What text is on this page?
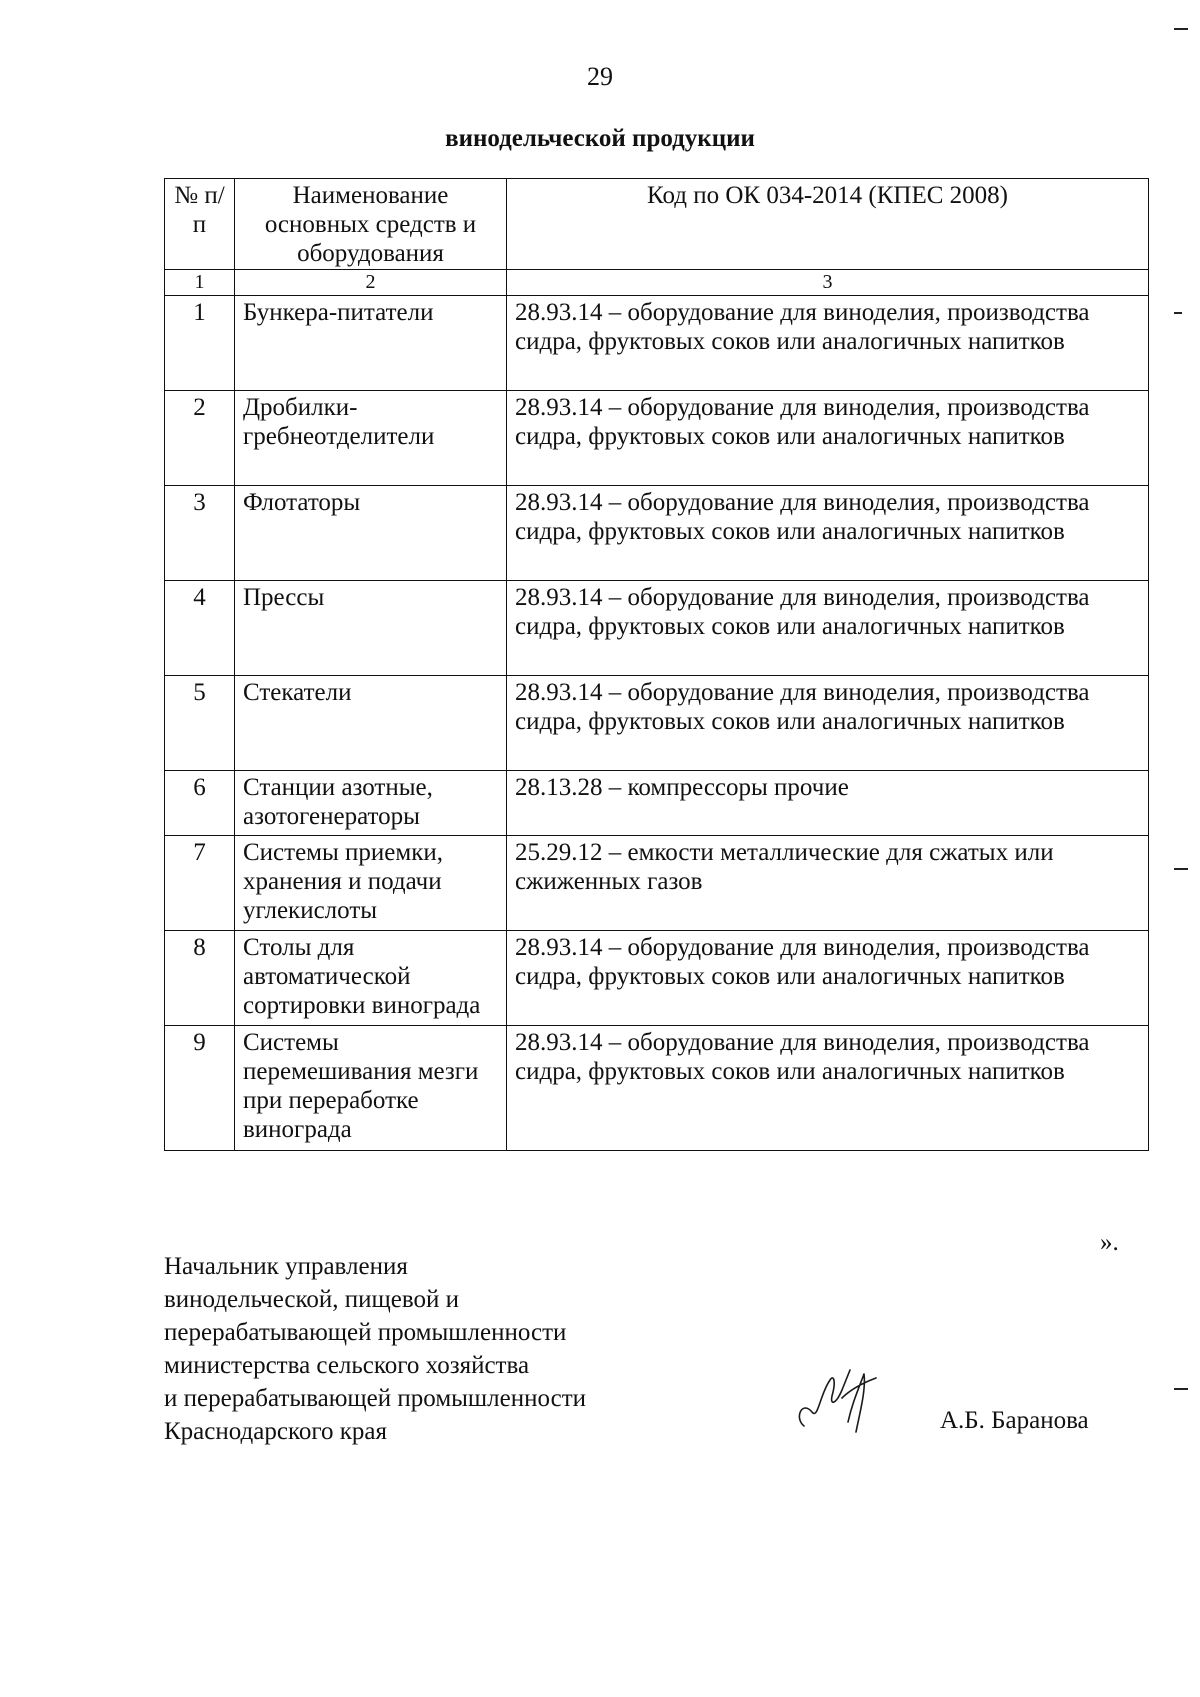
29
винодельческой продукции
№ п/п	Наименование основных средств и оборудования	Код по ОК 034-2014 (КПЕС 2008)
1	2	3
1	Бункера-питатели	28.93.14 – оборудование для виноделия, производства сидра, фруктовых соков или аналогичных напитков
2	Дробилки-гребнеотделители	28.93.14 – оборудование для виноделия, производства сидра, фруктовых соков или аналогичных напитков
3	Флотаторы	28.93.14 – оборудование для виноделия, производства сидра, фруктовых соков или аналогичных напитков
4	Прессы	28.93.14 – оборудование для виноделия, производства сидра, фруктовых соков или аналогичных напитков
5	Стекатели	28.93.14 – оборудование для виноделия, производства сидра, фруктовых соков или аналогичных напитков
6	Станции азотные, азотогенераторы	28.13.28 – компрессоры прочие
7	Системы приемки, хранения и подачи углекислоты	25.29.12 – емкости металлические для сжатых или сжиженных газов
8	Столы для автоматической сортировки винограда	28.93.14 – оборудование для виноделия, производства сидра, фруктовых соков или аналогичных напитков
9	Системы перемешивания мезги при переработке винограда	28.93.14 – оборудование для виноделия, производства сидра, фруктовых соков или аналогичных напитков
».
Начальник управления
винодельческой, пищевой и
перерабатывающей промышленности
министерства сельского хозяйства
и перерабатывающей промышленности
Краснодарского края	А.Б. Баранова
